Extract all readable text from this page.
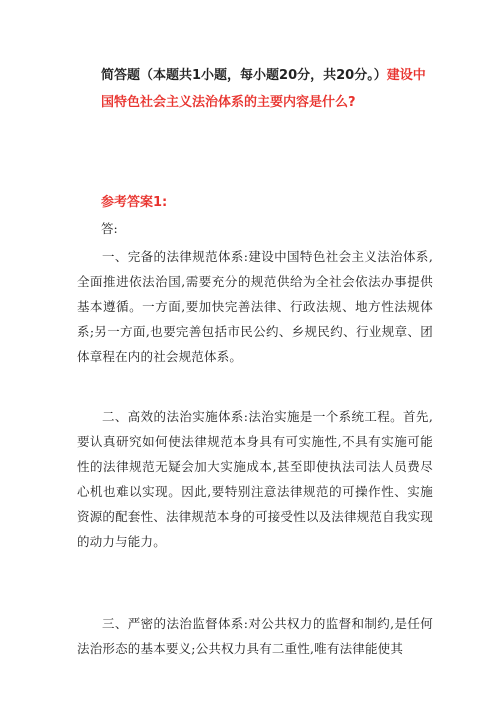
简答题（本题共1小题，每小题20分，共20分。）建设中国特色社会主义法治体系的主要内容是什么?
参考答案1:
答:
一、完备的法律规范体系:建设中国特色社会主义法治体系,全面推进依法治国,需要充分的规范供给为全社会依法办事提供基本遵循。一方面,要加快完善法律、行政法规、地方性法规体系;另一方面,也要完善包括市民公约、乡规民约、行业规章、团体章程在内的社会规范体系。
二、高效的法治实施体系:法治实施是一个系统工程。首先,要认真研究如何使法律规范本身具有可实施性,不具有实施可能性的法律规范无疑会加大实施成本,甚至即使执法司法人员费尽心机也难以实现。因此,要特别注意法律规范的可操作性、实施资源的配套性、法律规范本身的可接受性以及法律规范自我实现的动力与能力。
三、严密的法治监督体系:对公共权力的监督和制约,是任何法治形态的基本要义;公共权力具有二重性,唯有法律能使其
